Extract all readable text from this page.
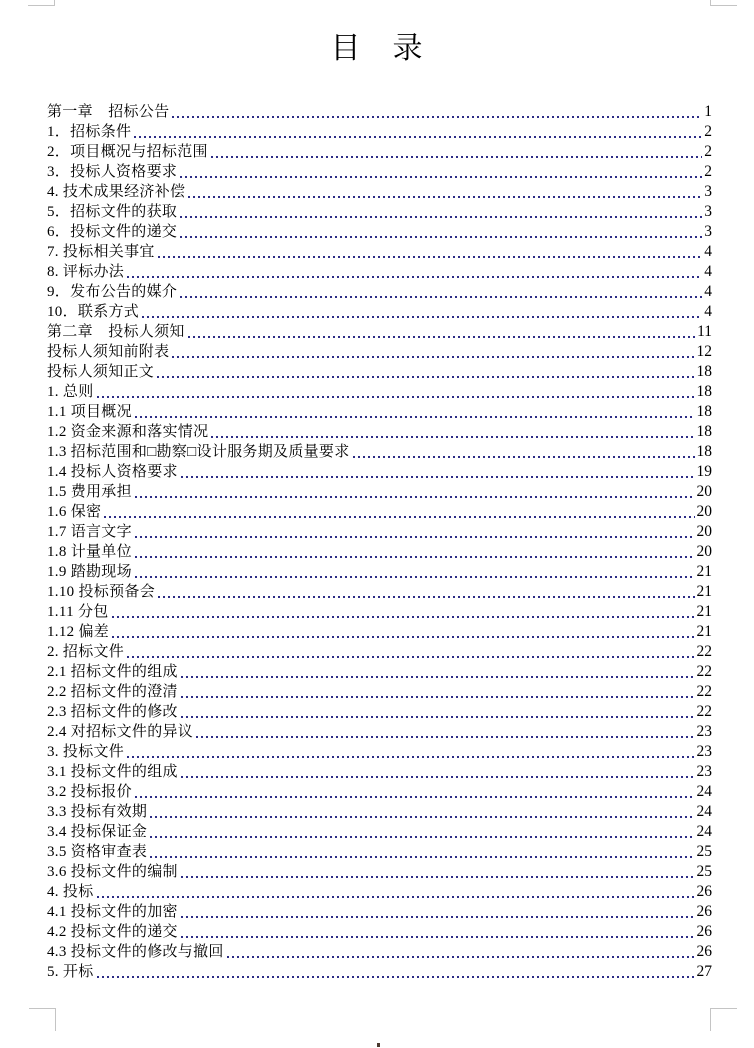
目　录
第一章　招标公告	1
1．招标条件	2
2．项目概况与招标范围	2
3．投标人资格要求	2
4. 技术成果经济补偿	3
5．招标文件的获取	3
6．投标文件的递交	3
7. 投标相关事宜	4
8. 评标办法	4
9．发布公告的媒介	4
10．联系方式	4
第二章　投标人须知	11
投标人须知前附表	12
投标人须知正文	18
1. 总则	18
1.1 项目概况	18
1.2 资金来源和落实情况	18
1.3 招标范围和□勘察□设计服务期及质量要求	18
1.4 投标人资格要求	19
1.5 费用承担	20
1.6 保密	20
1.7 语言文字	20
1.8 计量单位	20
1.9 踏勘现场	21
1.10 投标预备会	21
1.11 分包	21
1.12 偏差	21
2. 招标文件	22
2.1 招标文件的组成	22
2.2 招标文件的澄清	22
2.3 招标文件的修改	22
2.4 对招标文件的异议	23
3. 投标文件	23
3.1 投标文件的组成	23
3.2 投标报价	24
3.3 投标有效期	24
3.4 投标保证金	24
3.5 资格审查表	25
3.6 投标文件的编制	25
4. 投标	26
4.1 投标文件的加密	26
4.2 投标文件的递交	26
4.3 投标文件的修改与撤回	26
5. 开标	27
